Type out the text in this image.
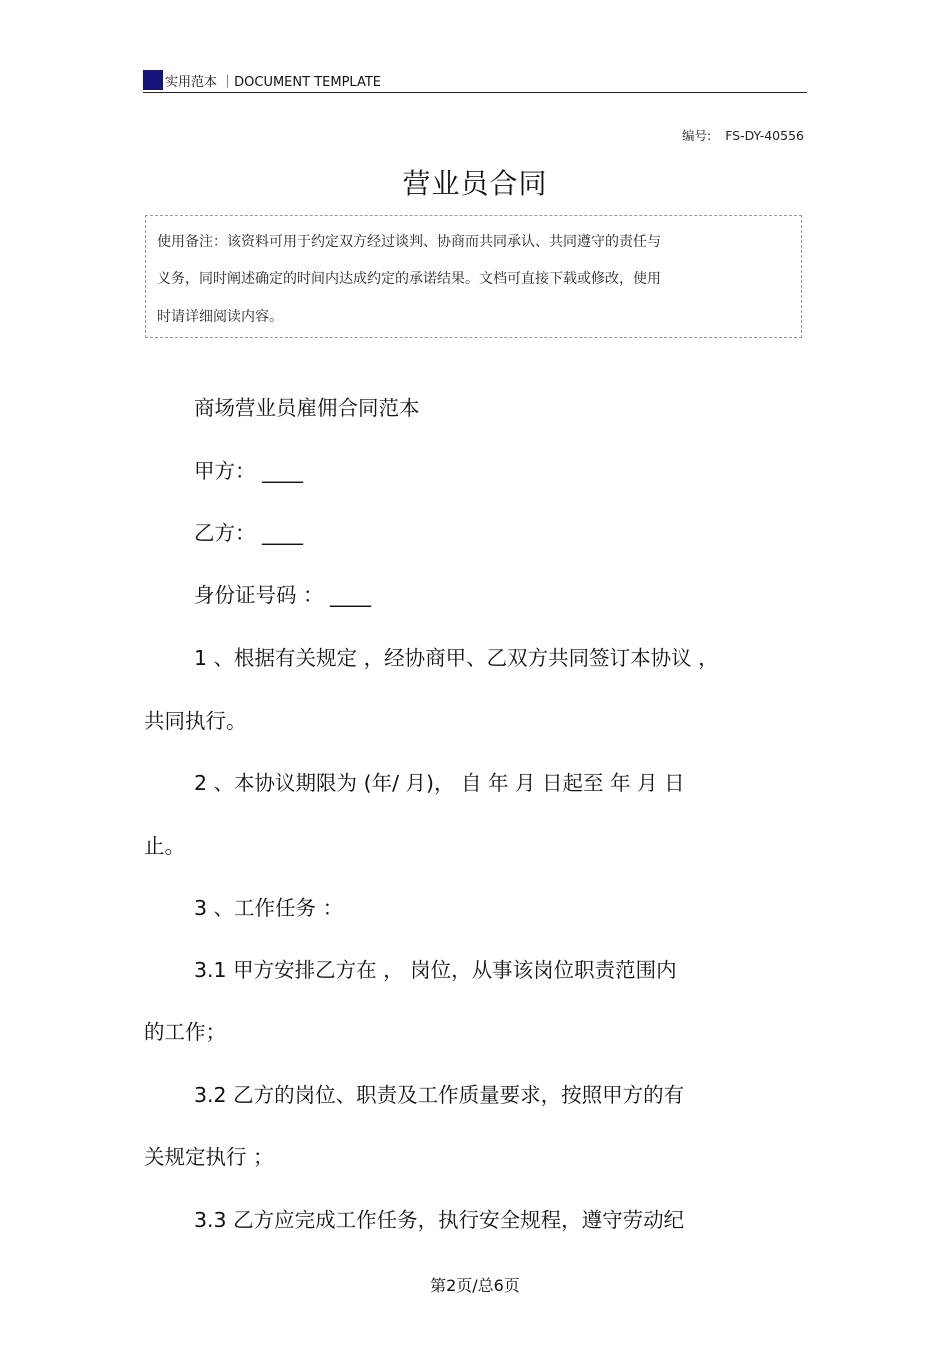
实用范本 ｜DOCUMENT TEMPLATE
编号: FS-DY-40556
营业员合同
使用备注：该资料可用于约定双方经过谈判、协商而共同承认、共同遵守的责任与
义务，同时阐述确定的时间内达成约定的承诺结果。文档可直接下载或修改，使用
时请详细阅读内容。
商场营业员雇佣合同范本
甲方： ____
乙方： ____
身份证号码 ： ____
1 、根据有关规定 ，经协商甲、乙双方共同签订本协议 ，
共同执行。
2 、本协议期限为 (年/ 月)， 自 年 月 日起至 年 月 日
止。
3 、工作任务 ：
3.1 甲方安排乙方在 ， 岗位，从事该岗位职责范围内
的工作；
3.2 乙方的岗位、职责及工作质量要求，按照甲方的有
关规定执行 ；
3.3 乙方应完成工作任务，执行安全规程，遵守劳动纪
第2页/总6页
